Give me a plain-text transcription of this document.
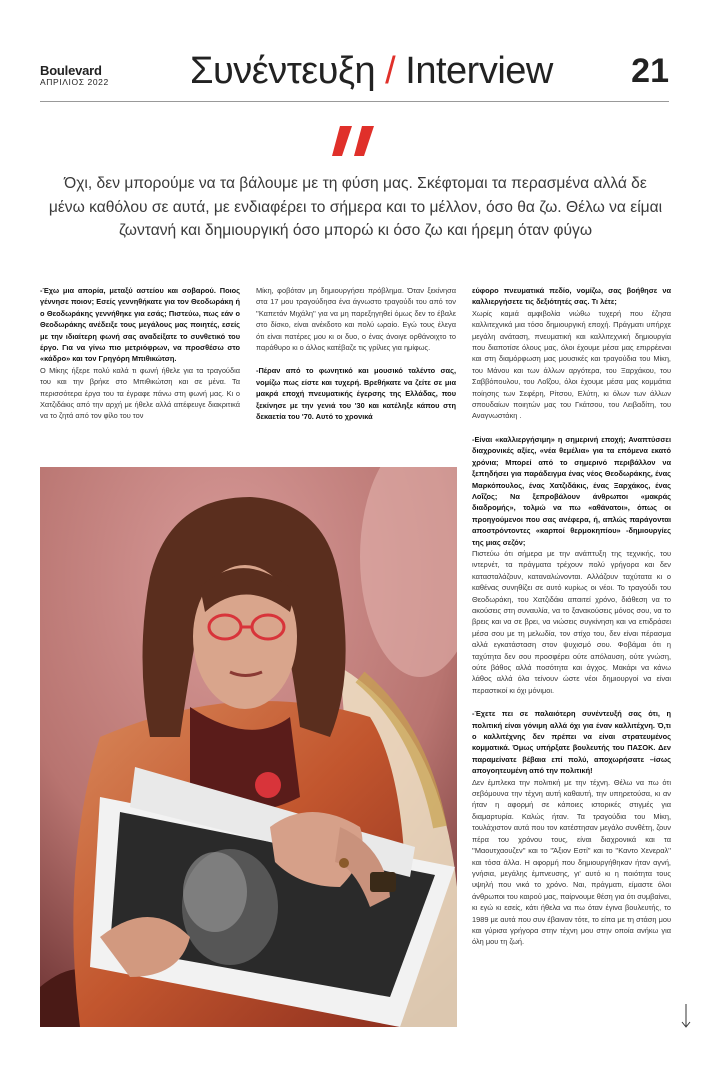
Boulevard
ΑΠΡΙΛΙΟΣ 2022 Συνέντευξη / Interview 21
Όχι, δεν μπορούμε να τα βάλουμε με τη φύση μας. Σκέφτομαι τα περασμένα αλλά δε μένω καθόλου σε αυτά, με ενδιαφέρει το σήμερα και το μέλλον, όσο θα ζω. Θέλω να είμαι ζωντανή και δημιουργική όσο μπορώ κι όσο ζω και ήρεμη όταν φύγω

-Έχω μια απορία, μεταξύ αστείου και σοβαρού. Ποιος γέννησε ποιον; Εσείς γεννηθήκατε για τον Θεοδωράκη ή ο Θεοδωράκης γεννήθηκε για εσάς; Πιστεύω, πως εάν ο Θεοδωράκης ανέδειξε τους μεγάλους μας ποιητές, εσείς με την ιδιαίτερη φωνή σας αναδείξατε το συνθετικό του έργο. Για να γίνω πιο μετριόφρων, να προσθέσω στο «κάδρο» και τον Γρηγόρη Μπιθικώτση.

Ο Μίκης ήξερε πολύ καλά τι φωνή ήθελε για τα τραγούδια του και την βρήκε στο Μπιθικώτση και σε μένα. Τα περισσότερα έργα του τα έγραφε πάνω στη φωνή μας. Κι ο Χατζιδάκις από την αρχή με ήθελε αλλά απέφευγε διακριτικά να το ζητά από τον φίλο του τον

Μίκη, φοβόταν μη δημιουργήσει πρόβλημα. Όταν ξεκίνησα στα 17 μου τραγούδησα ένα άγνωστο τραγούδι του από τον ''Καπετάν Μιχάλη'' για να μη παρεξηγηθεί όμως δεν το έβαλε στο δίσκο, είναι ανέκδοτο και πολύ ωραίο. Εγώ τους έλεγα ότι είναι πατέρες μου κι οι δυο, ο ένας άνοιγε ορθάνοιχτο το παράθυρο κι ο άλλος κατέβαζε τις γρίλιες για ημίφως.

-Πέραν από το φωνητικό και μουσικό ταλέντο σας, νομίζω πως είστε και τυχερή. Βρεθήκατε να ζείτε σε μια μακρά εποχή πνευματικής έγερσης της Ελλάδας, που ξεκίνησε με την γενιά του '30 και κατέληξε κάπου στη δεκαετία του '70. Αυτό το χρονικά

εύφορο πνευματικά πεδίο, νομίζω, σας βοήθησε να καλλιεργήσετε τις δεξιότητές σας. Τι λέτε;

Χωρίς καμιά αμφιβολία νιώθω τυχερή που έζησα καλλιτεχνικά μια τόσο δημιουργική εποχή. Πράγματι υπήρχε μεγάλη ανάταση, πνευματική και καλλιτεχνική δημιουργία που διαποτίσε όλους μας, όλοι έχουμε μέσα μας επιρρέεναι και στη διαμόρφωση μας μουσικές και τραγούδια του Μίκη, του Μάνου και των άλλων αργότερα, του Ξαρχάκου, του Σαββόπουλου, του Λοΐζου, όλοι έχουμε μέσα μας κομμάτια ποίησης των Σεφέρη, Ρίτσου, Ελύτη, κι όλων των άλλων σπουδαίων ποιητών μας του Γκάτσου, του Λειβαδίτη, του Αναγνωστάκη .

-Είναι «καλλιεργήσιμη» η σημερινή εποχή; Αναπτύσσει διαχρονικές αξίες, «νέα θεμέλια» για τα επόμενα εκατό χρόνια; Μπορεί από το σημερινό περιβάλλον να ξεπηδήσει για παράδειγμα ένας νέος Θεοδωράκης, ένας Μαρκόπουλος, ένας Χατζιδάκις, ένας Ξαρχάκος, ένας Λοΐζος; Να ξεπροβάλουν άνθρωποι «μακράς διαδρομής», τολμώ να πω «αθάνατοι», όπως οι προηγούμενοι που σας ανέφερα, ή, απλώς παράγονται αποστρόντοντες «καρποί θερμοκηπίου» -δημιουργίες της μιας σεζόν;

Πιστεύω ότι σήμερα με την ανάπτυξη της τεχνικής, του ιντερνέτ, τα πράγματα τρέχουν πολύ γρήγορα και δεν κατασταλάζουν, καταναλώνονται. Αλλάζουν ταχύτατα κι ο καθένας συνηθίζει σε αυτό κυρίως οι νέοι. Το τραγούδι του Θεοδωράκη, του Χατζιδάκι απαιτεί χρόνο, διάθεση να το ακούσεις στη συναυλία, να το ξανακούσεις μόνος σου, να το βρεις και να σε βρει, να νιώσεις συγκίνηση και να επιδράσει μέσα σου με τη μελωδία, τον στίχο του, δεν είναι πέρασμα αλλά εγκατάσταση στον ψυχισμό σου. Φοβάμαι ότι η ταχύτητα δεν σου προσφέρει ούτε απόλαυση, ούτε γνώση, ούτε βάθος αλλά ποσότητα και άγχος. Μακάρι να κάνω λάθος αλλά όλα τείνουν ώστε νέοι δημιουργοί να είναι περαστικοί κι όχι μόνιμοι.

-Έχετε πει σε παλαιότερη συνέντευξή σας ότι, η πολιτική είναι γόνιμη αλλά όχι για έναν καλλιτέχνη. Ό,τι ο καλλιτέχνης δεν πρέπει να είναι στρατευμένος κομματικά. Όμως υπήρξατε βουλευτής του ΠΑΣΟΚ. Δεν παραμείνατε βέβαια επί πολύ, αποχωρήσατε –ίσως απογοητευμένη από την πολιτική!

Δεν έμπλεκα την πολιτική με την τέχνη. Θέλω να πω ότι σεβόμουνα την τέχνη αυτή καθαυτή, την υπηρετούσα, κι αν ήταν η αφορμή σε κάποιες ιστορικές στιγμές για διαμαρτυρία. Καλώς ήταν. Τα τραγούδια του Μίκη, τουλάχιστον αυτά που τον κατέστησαν μεγάλο συνθέτη, ζουν πέρα του χρόνου τους, είναι διαχρονικά και τα ''Μαουτχαουζεν'' και το ''Άξιον Εστί'' και το ''Καντο Χενεραλ'' και τόσα άλλα. Η αφορμή που δημιουργήθηκαν ήταν αγνή, γνήσια, μεγάλης έμπνευσης, γι' αυτό κι η ποιότητα τους υψηλή που νικά το χρόνο. Ναι, πράγματι, είμαστε όλοι άνθρωποι του καιρού μας, παίρνουμε θέση για ότι συμβαίνει, κι εγώ κι εσείς, κάτι ήθελα να πω όταν έγινα βουλευτής, το 1989 με αυτά που συν έβαιναν τότε, το είπα με τη στάση μου και γύρισα γρήγορα στην τέχνη μου στην οποία ανήκω για όλη μου τη ζωή.
